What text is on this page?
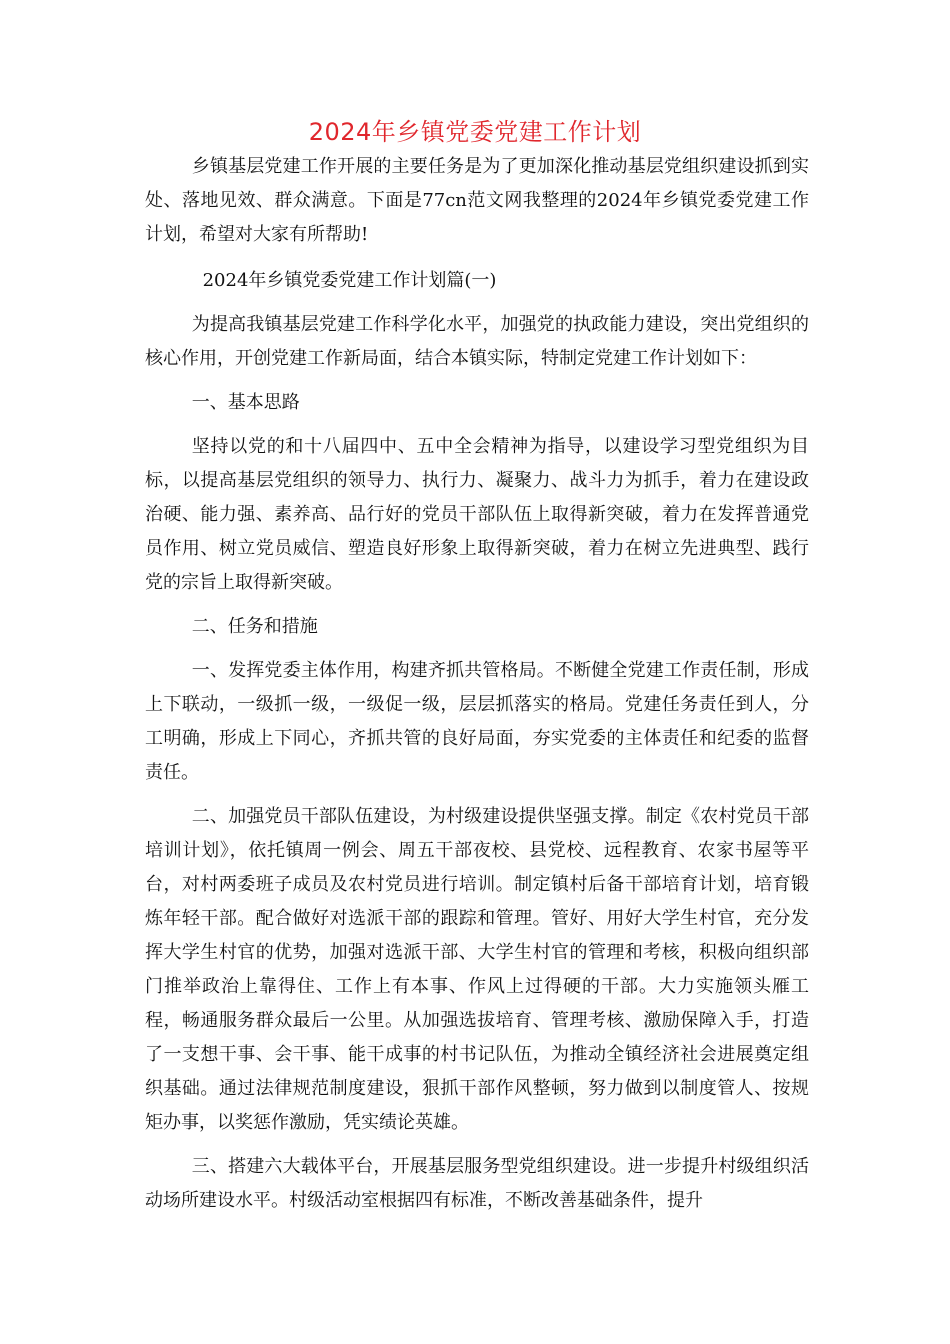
2024年乡镇党委党建工作计划

乡镇基层党建工作开展的主要任务是为了更加深化推动基层党组织建设抓到实处、落地见效、群众满意。下面是77cn范文网我整理的2024年乡镇党委党建工作计划，希望对大家有所帮助!

2024年乡镇党委党建工作计划篇(一)

为提高我镇基层党建工作科学化水平，加强党的执政能力建设，突出党组织的核心作用，开创党建工作新局面，结合本镇实际，特制定党建工作计划如下：

一、基本思路

坚持以党的和十八届四中、五中全会精神为指导，以建设学习型党组织为目标，以提高基层党组织的领导力、执行力、凝聚力、战斗力为抓手，着力在建设政治硬、能力强、素养高、品行好的党员干部队伍上取得新突破，着力在发挥普通党员作用、树立党员威信、塑造良好形象上取得新突破，着力在树立先进典型、践行党的宗旨上取得新突破。

二、任务和措施

一、发挥党委主体作用，构建齐抓共管格局。不断健全党建工作责任制，形成上下联动，一级抓一级，一级促一级，层层抓落实的格局。党建任务责任到人，分工明确，形成上下同心，齐抓共管的良好局面，夯实党委的主体责任和纪委的监督责任。

二、加强党员干部队伍建设，为村级建设提供坚强支撑。制定《农村党员干部培训计划》，依托镇周一例会、周五干部夜校、县党校、远程教育、农家书屋等平台，对村两委班子成员及农村党员进行培训。制定镇村后备干部培育计划，培育锻炼年轻干部。配合做好对选派干部的跟踪和管理。管好、用好大学生村官，充分发挥大学生村官的优势，加强对选派干部、大学生村官的管理和考核，积极向组织部门推举政治上靠得住、工作上有本事、作风上过得硬的干部。大力实施领头雁工程，畅通服务群众最后一公里。从加强选拔培育、管理考核、激励保障入手，打造了一支想干事、会干事、能干成事的村书记队伍，为推动全镇经济社会进展奠定组织基础。通过法律规范制度建设，狠抓干部作风整顿，努力做到以制度管人、按规矩办事，以奖惩作激励，凭实绩论英雄。

三、搭建六大载体平台，开展基层服务型党组织建设。进一步提升村级组织活动场所建设水平。村级活动室根据四有标准，不断改善基础条件，提升
